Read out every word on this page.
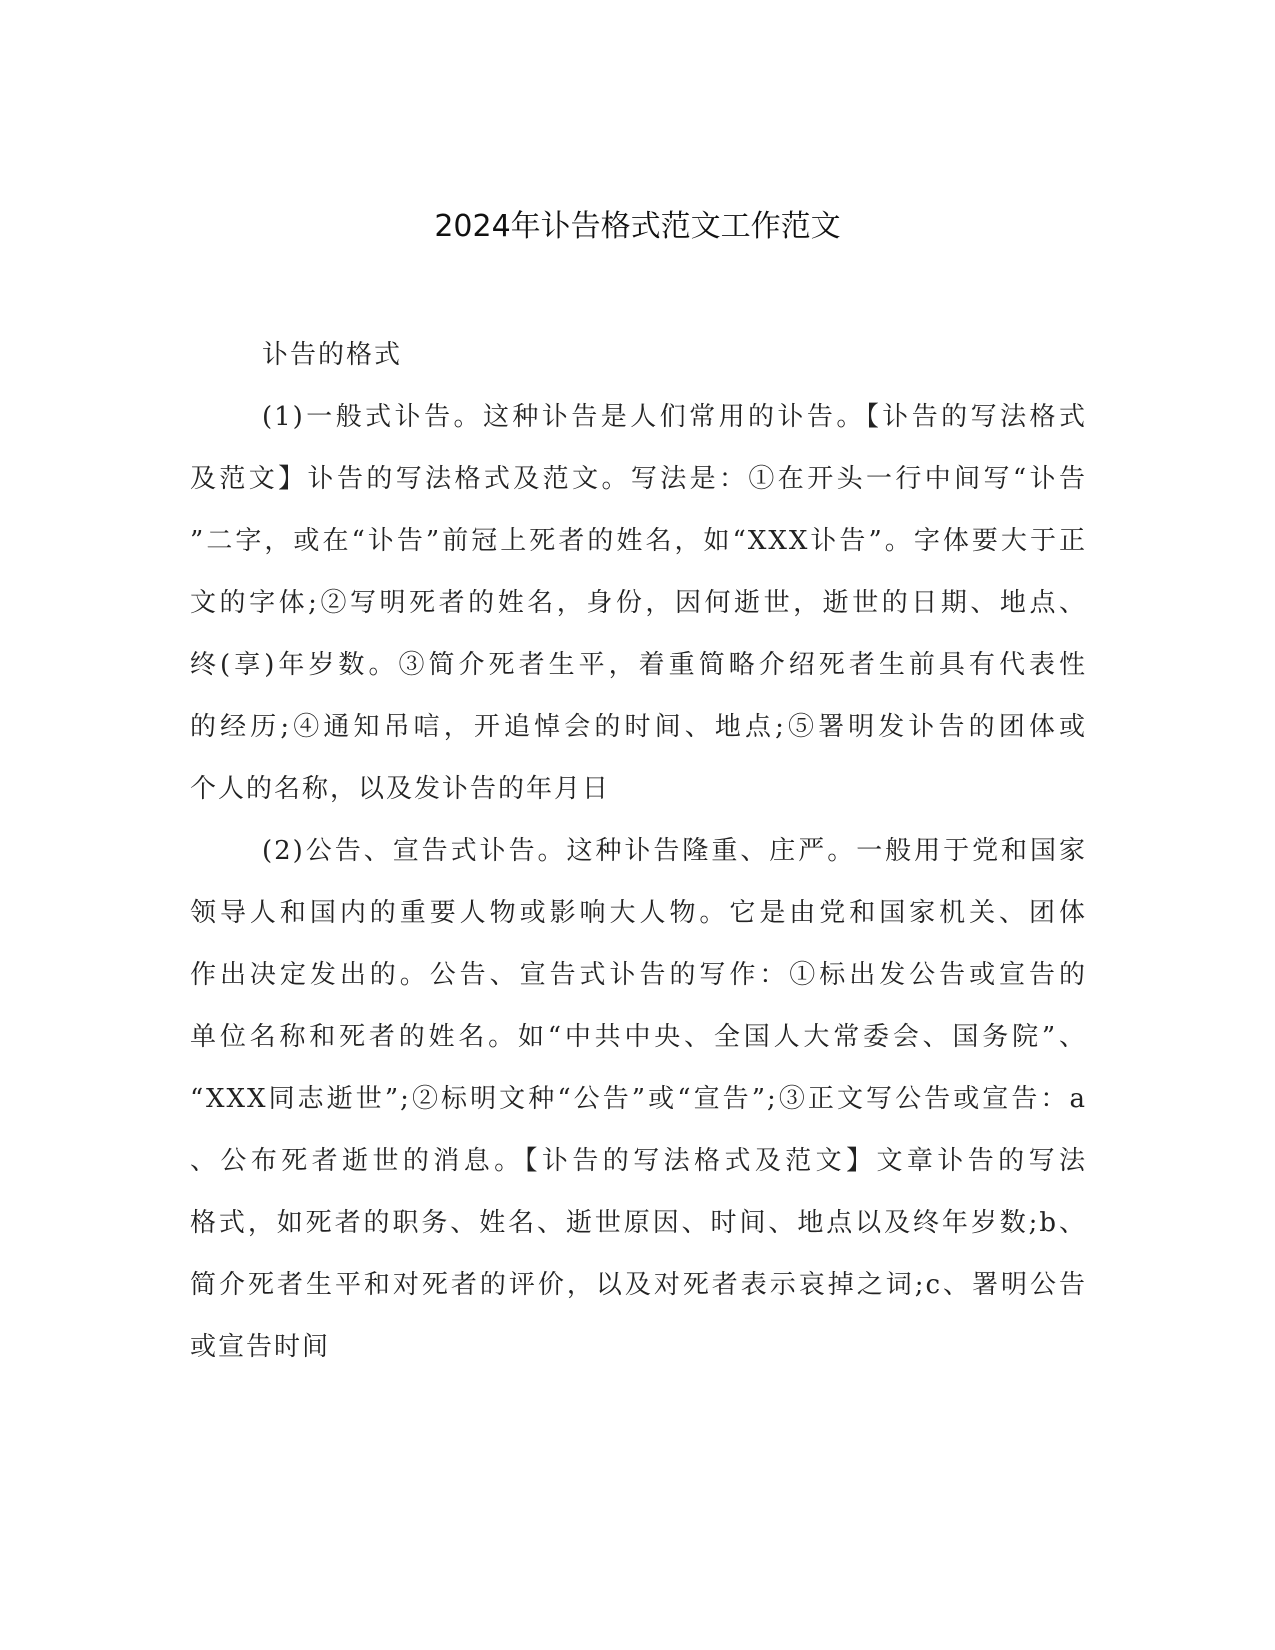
2024年讣告格式范文工作范文
讣告的格式
(1)一般式讣告。这种讣告是人们常用的讣告。【讣告的写法格式
及范文】讣告的写法格式及范文。写法是：①在开头一行中间写“讣告
”二字，或在“讣告”前冠上死者的姓名，如“XXX讣告”。字体要大于正
文的字体;②写明死者的姓名，身份，因何逝世，逝世的日期、地点、
终(享)年岁数。③简介死者生平，着重简略介绍死者生前具有代表性
的经历;④通知吊唁，开追悼会的时间、地点;⑤署明发讣告的团体或
个人的名称，以及发讣告的年月日
(2)公告、宣告式讣告。这种讣告隆重、庄严。一般用于党和国家
领导人和国内的重要人物或影响大人物。它是由党和国家机关、团体
作出决定发出的。公告、宣告式讣告的写作：①标出发公告或宣告的
单位名称和死者的姓名。如“中共中央、全国人大常委会、国务院”、
“XXX同志逝世”;②标明文种“公告”或“宣告”;③正文写公告或宣告：a
、公布死者逝世的消息。【讣告的写法格式及范文】文章讣告的写法
格式，如死者的职务、姓名、逝世原因、时间、地点以及终年岁数;b、
简介死者生平和对死者的评价，以及对死者表示哀掉之词;c、署明公告
或宣告时间
